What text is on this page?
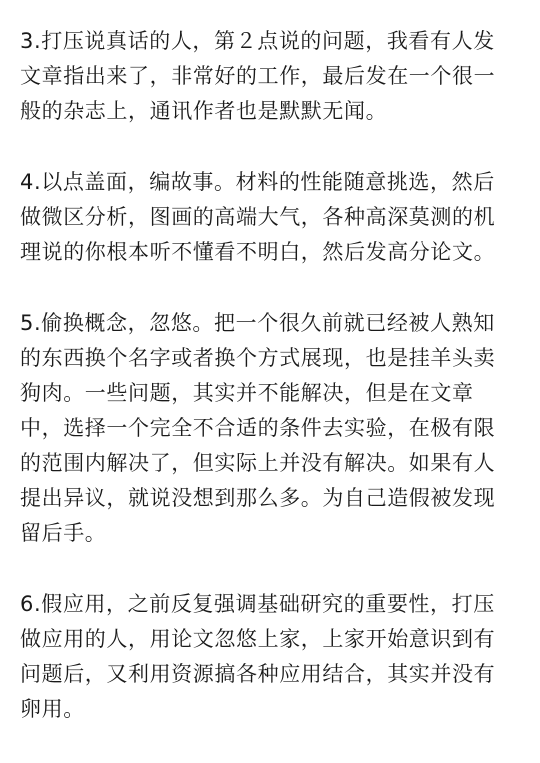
3.打压说真话的人，第２点说的问题，我看有人发
文章指出来了，非常好的工作，最后发在一个很一
般的杂志上，通讯作者也是默默无闻。
4.以点盖面，编故事。材料的性能随意挑选，然后
做微区分析，图画的高端大气，各种高深莫测的机
理说的你根本听不懂看不明白，然后发高分论文。
5.偷换概念，忽悠。把一个很久前就已经被人熟知
的东西换个名字或者换个方式展现，也是挂羊头卖
狗肉。一些问题，其实并不能解决，但是在文章
中，选择一个完全不合适的条件去实验，在极有限
的范围内解决了，但实际上并没有解决。如果有人
提出异议，就说没想到那么多。为自己造假被发现
留后手。
6.假应用，之前反复强调基础研究的重要性，打压
做应用的人，用论文忽悠上家，上家开始意识到有
问题后，又利用资源搞各种应用结合，其实并没有
卵用。
